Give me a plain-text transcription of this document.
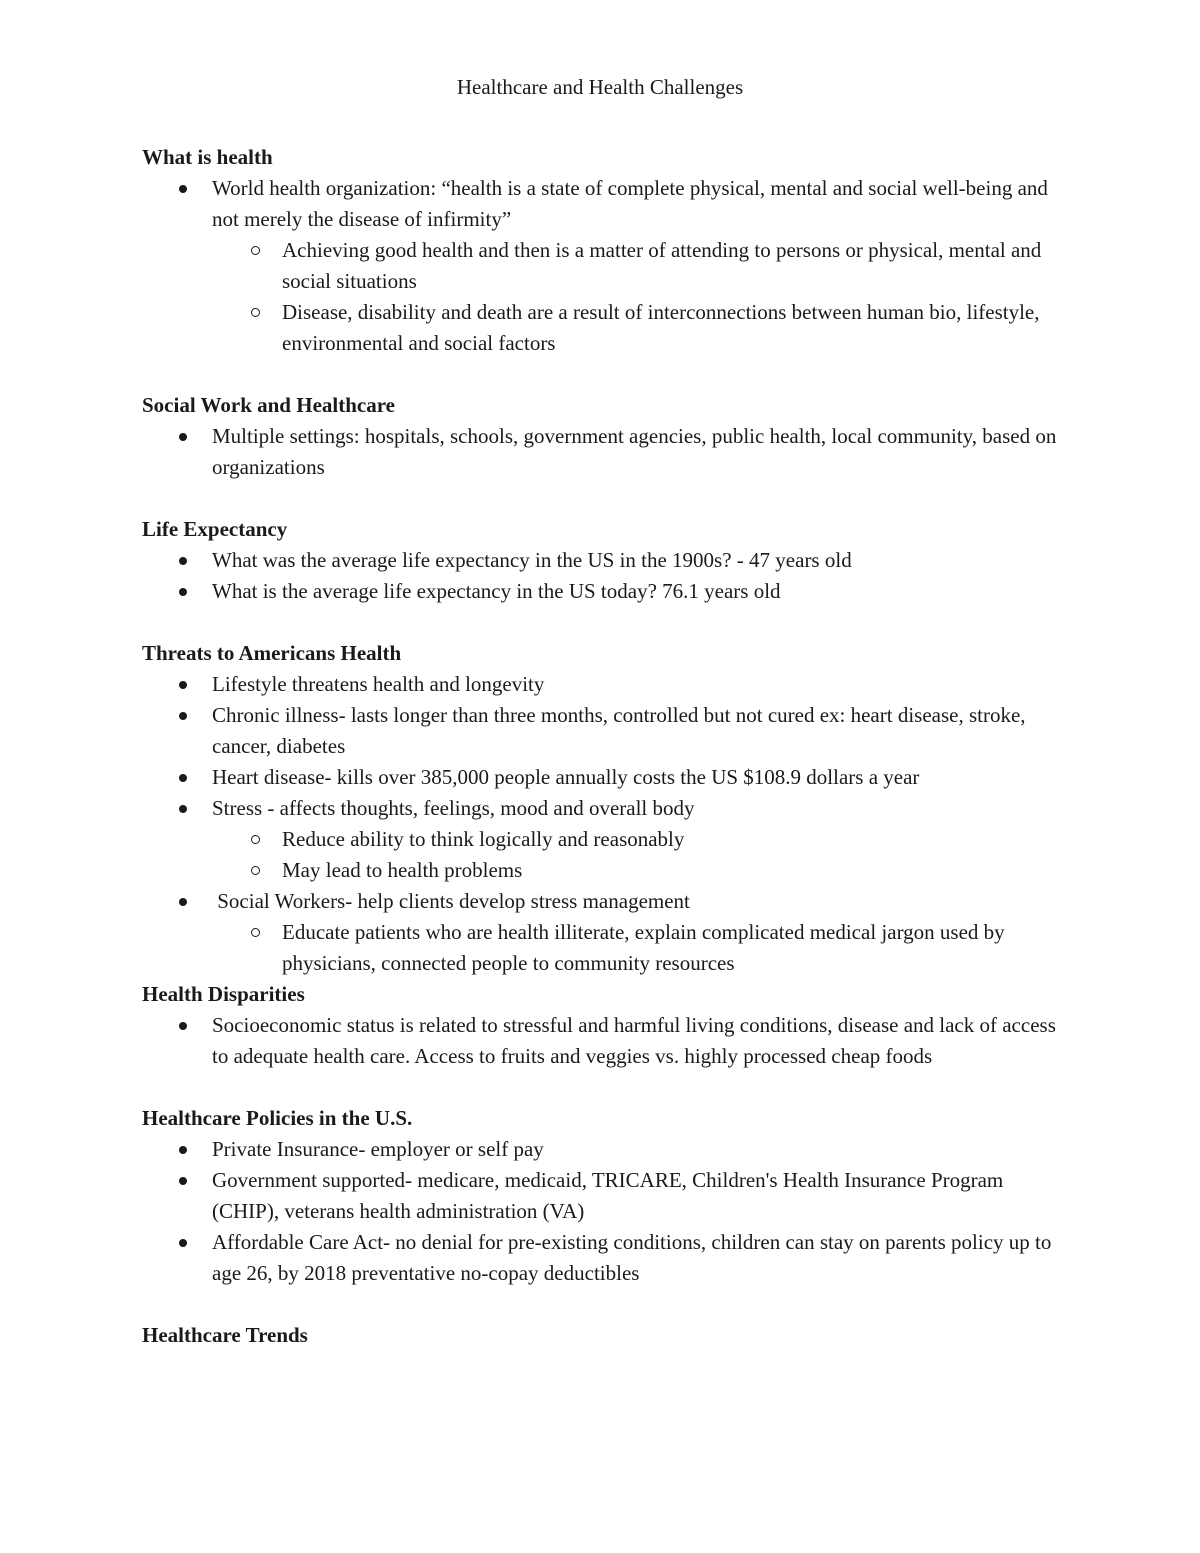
Healthcare and Health Challenges
What is health
World health organization: “health is a state of complete physical, mental and social well-being and not merely the disease of infirmity”
Achieving good health and then is a matter of attending to persons or physical, mental and social situations
Disease, disability and death are a result of interconnections between human bio, lifestyle, environmental and social factors
Social Work and Healthcare
Multiple settings: hospitals, schools, government agencies, public health, local community, based on organizations
Life Expectancy
What was the average life expectancy in the US in the 1900s? - 47 years old
What is the average life expectancy in the US today? 76.1 years old
Threats to Americans Health
Lifestyle threatens health and longevity
Chronic illness- lasts longer than three months, controlled but not cured ex: heart disease, stroke, cancer, diabetes
Heart disease- kills over 385,000 people annually costs the US $108.9 dollars a year
Stress - affects thoughts, feelings, mood and overall body
Reduce ability to think logically and reasonably
May lead to health problems
Social Workers- help clients develop stress management
Educate patients who are health illiterate, explain complicated medical jargon used by physicians, connected people to community resources
Health Disparities
Socioeconomic status is related to stressful and harmful living conditions, disease and lack of access to adequate health care. Access to fruits and veggies vs. highly processed cheap foods
Healthcare Policies in the U.S.
Private Insurance- employer or self pay
Government supported- medicare, medicaid, TRICARE, Children's Health Insurance Program (CHIP), veterans health administration (VA)
Affordable Care Act- no denial for pre-existing conditions, children can stay on parents policy up to age 26, by 2018 preventative no-copay deductibles
Healthcare Trends
